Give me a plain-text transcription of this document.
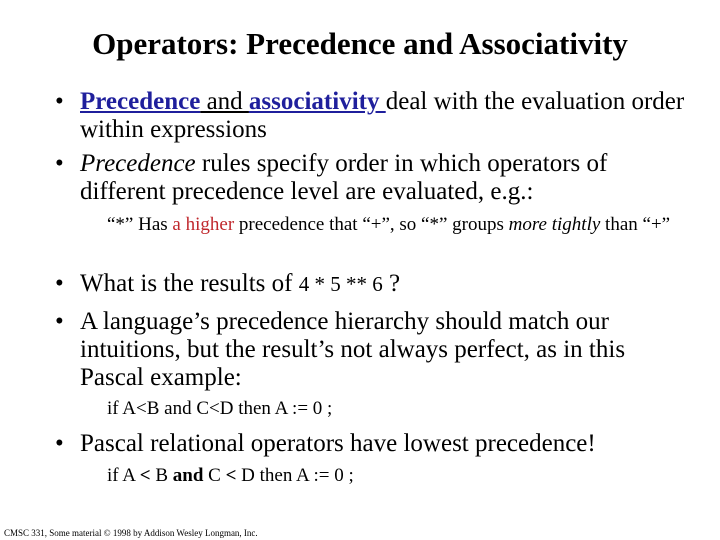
Operators: Precedence and Associativity
• Precedence and associativity deal with the evaluation order within expressions
• Precedence rules specify order in which operators of different precedence level are evaluated, e.g.:
“*” Has a higher precedence that “+”, so “*” groups more tightly than “+”
• What is the results of 4 * 5 ** 6 ?
• A language’s precedence hierarchy should match our intuitions, but the result’s not always perfect, as in this Pascal example:
if A<B and C<D then A := 0 ;
• Pascal relational operators have lowest precedence!
if A < B and C < D then A := 0 ;
CMSC 331, Some material © 1998 by Addison Wesley Longman, Inc.
